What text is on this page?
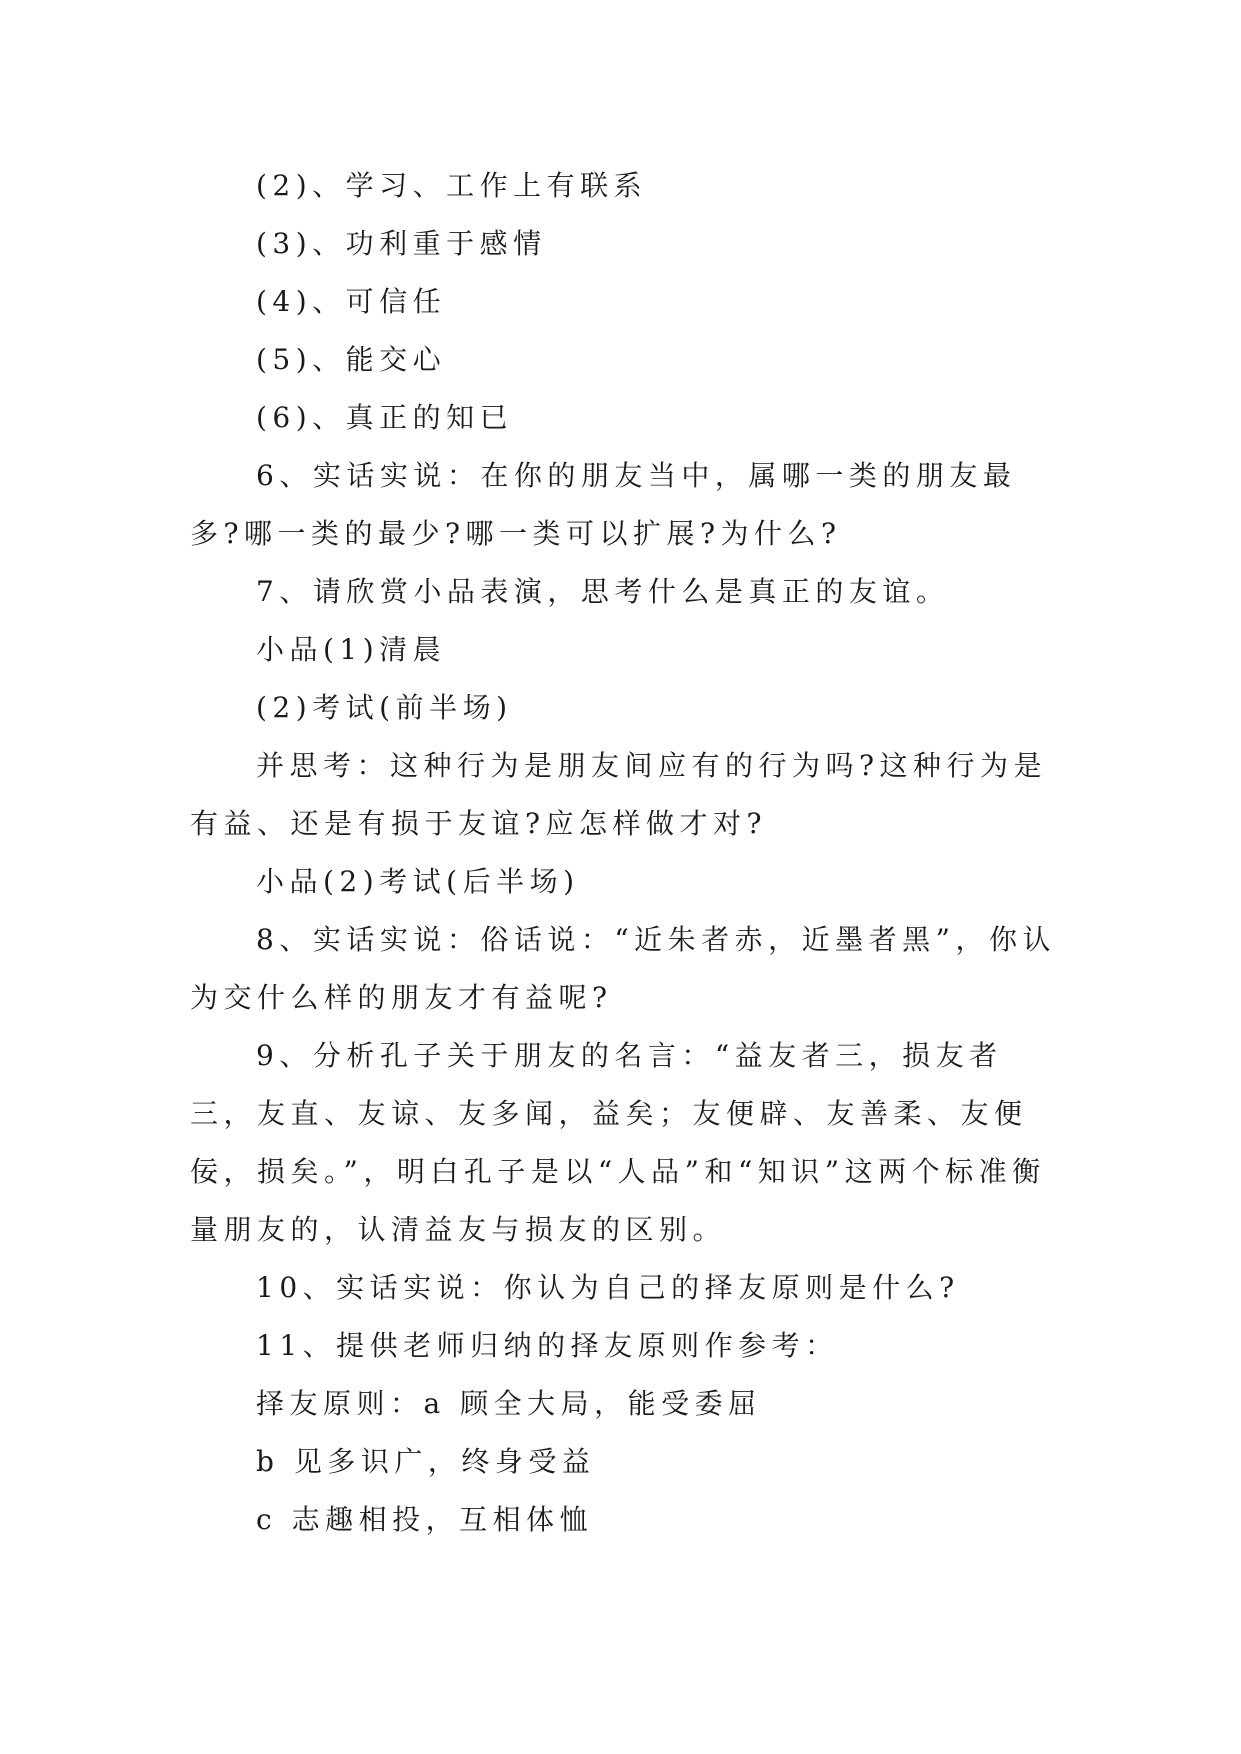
(2)、学习、工作上有联系

(3)、功利重于感情

(4)、可信任

(5)、能交心

(6)、真正的知已

6、实话实说：在你的朋友当中，属哪一类的朋友最多?哪一类的最少?哪一类可以扩展?为什么?

7、请欣赏小品表演，思考什么是真正的友谊。

小品(1)清晨

(2)考试(前半场)

并思考：这种行为是朋友间应有的行为吗?这种行为是有益、还是有损于友谊?应怎样做才对?

小品(2)考试(后半场)

8、实话实说：俗话说：“近朱者赤，近墨者黑”，你认为交什么样的朋友才有益呢?

9、分析孔子关于朋友的名言：“益友者三，损友者三，友直、友谅、友多闻，益矣；友便辟、友善柔、友便佞，损矣。”，明白孔子是以“人品”和“知识”这两个标准衡量朋友的，认清益友与损友的区别。

10、实话实说：你认为自己的择友原则是什么?

11、提供老师归纳的择友原则作参考：

择友原则：a 顾全大局，能受委屈

b 见多识广，终身受益

c 志趣相投，互相体恤
